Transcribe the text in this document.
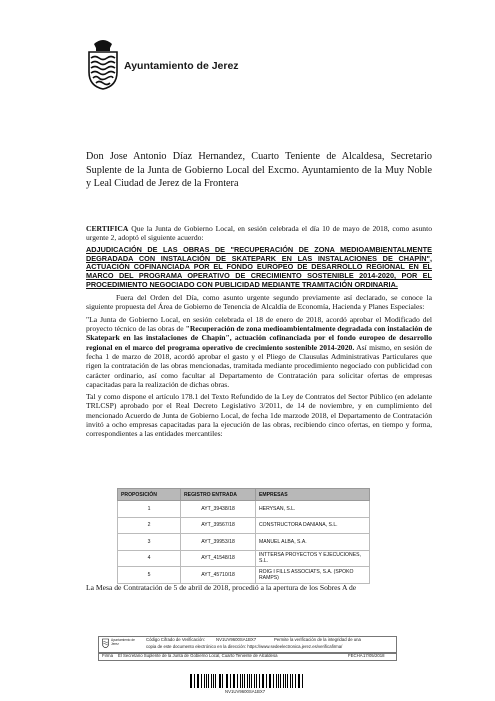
Ayuntamiento de Jerez
Don Jose Antonio Díaz Hernandez, Cuarto Teniente de Alcaldesa, Secretario Suplente de la Junta de Gobierno Local del Excmo. Ayuntamiento de la Muy Noble y Leal Ciudad de Jerez de la Frontera

CERTIFICA Que la Junta de Gobierno Local, en sesión celebrada el día 10 de mayo de 2018, como asunto urgente 2, adoptó el siguiente acuerdo:

ADJUDICACIÓN DE LAS OBRAS DE "RECUPERACIÓN DE ZONA MEDIOAMBIENTALMENTE DEGRADADA CON INSTALACIÓN DE SKATEPARK EN LAS INSTALACIONES DE CHAPÍN", ACTUACIÓN COFINANCIADA POR EL FONDO EUROPEO DE DESARROLLO REGIONAL EN EL MARCO DEL PROGRAMA OPERATIVO DE CRECIMIENTO SOSTENIBLE 2014-2020, POR EL PROCEDIMIENTO NEGOCIADO CON PUBLICIDAD MEDIANTE TRAMITACIÓN ORDINARIA.

Fuera del Orden del Día, como asunto urgente segundo previamente así declarado, se conoce la siguiente propuesta del Área de Gobierno de Tenencia de Alcaldía de Economía, Hacienda y Planes Especiales:

"La Junta de Gobierno Local, en sesión celebrada el 18 de enero de 2018, acordó aprobar el Modificado del proyecto técnico de las obras de "Recuperación de zona medioambientalmente degradada con instalación de Skatepark en las instalaciones de Chapín", actuación cofinanciada por el fondo europeo de desarrollo regional en el marco del programa operativo de crecimiento sostenible 2014-2020. Así mismo, en sesión de fecha 1 de marzo de 2018, acordó aprobar el gasto y el Pliego de Clausulas Administrativas Particulares que rigen la contratación de las obras mencionadas, tramitada mediante procedimiento negociado con publicidad con carácter ordinario, así como facultar al Departamento de Contratación para solicitar ofertas de empresas capacitadas para la realización de dichas obras.

Tal y como dispone el artículo 178.1 del Texto Refundido de la Ley de Contratos del Sector Público (en adelante TRLCSP) aprobado por el Real Decreto Legislativo 3/2011, de 14 de noviembre, y en cumplimiento del mencionado Acuerdo de Junta de Gobierno Local, de fecha 1de marzode 2018, el Departamento de Contratación invitó a ocho empresas capacitadas para la ejecución de las obras, recibiendo cinco ofertas, en tiempo y forma, correspondientes a las entidades mercantiles:

PROPOSICIÓN	REGISTRO ENTRADA	EMPRESAS
1	AYT_39438/18	HERYSAN, S.L.
2	AYT_39567/18	CONSTRUCTORA DANIANA, S.L.
3	AYT_39953/18	MANUEL ALBA, S.A.
4	AYT_41548/18	INTTERSA PROYECTOS Y EJECUCIONES, S.L.
5	AYT_45710/18	ROIG I FILLS ASSOCIATS, S.A. (SPOKO RAMPS)
La Mesa de Contratación de 5 de abril de 2018, procedió a la apertura de los Sobres A de
Ayuntamiento de Jerez
Código Cifrado de Verificación:	NV1UV9600SA1BX7	Permite la verificación de la integridad de una
copia de este documento electrónico en la dirección: https://www.sedeelectronica.jerez.es/verificafirma/
Firma El Secretario Suplente de la Junta de Gobierno Local, Cuarto Teniente de Alcaldesa	FECHA 17/05/2018
NV1UV9600SA1BX7
